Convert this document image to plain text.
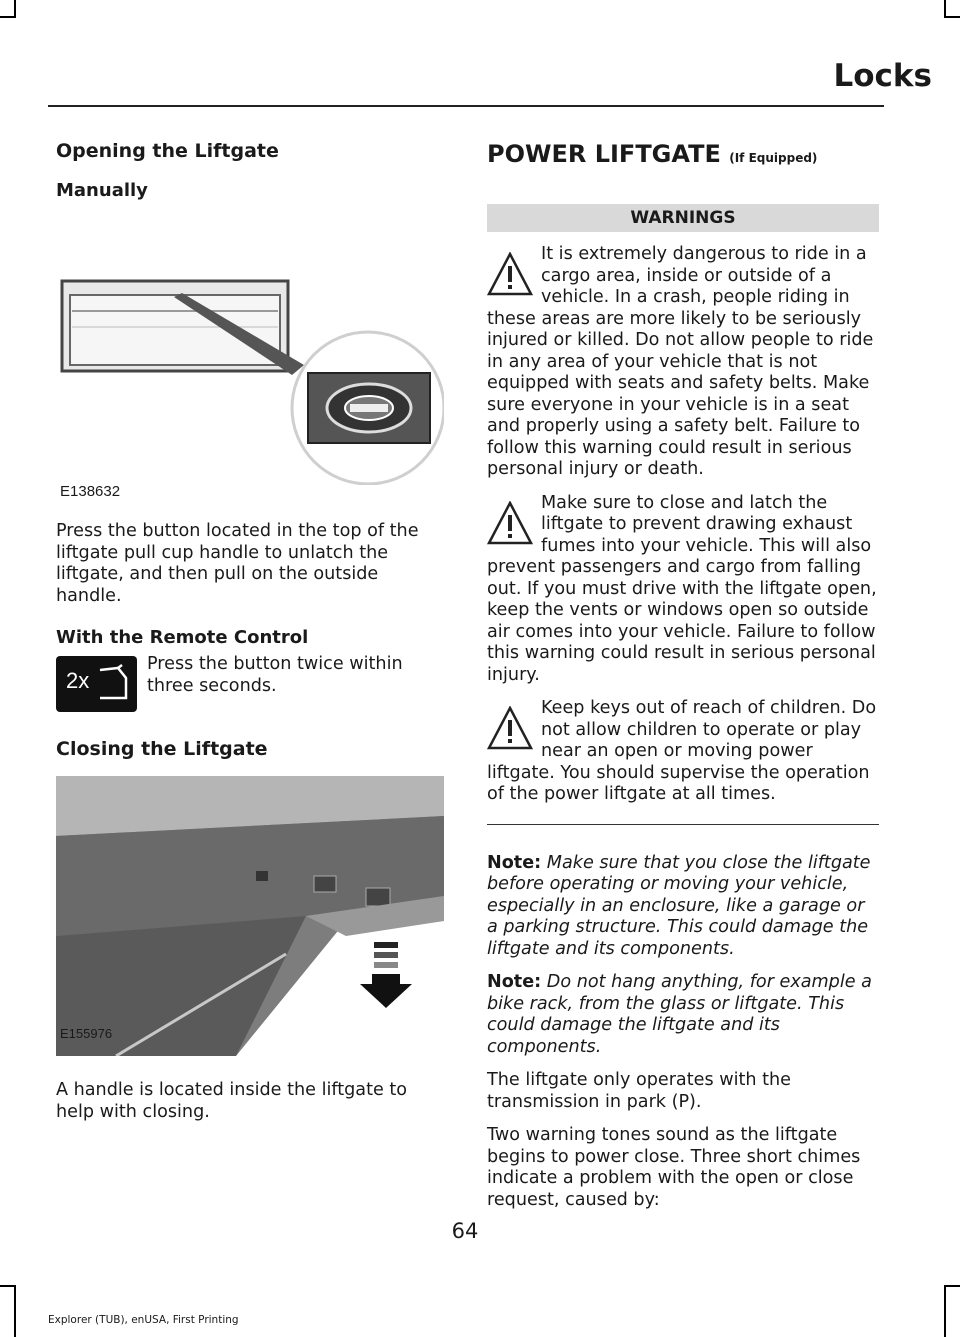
Locks
Opening the Liftgate
Manually
E138632

Press the button located in the top of the liftgate pull cup handle to unlatch the liftgate, and then pull on the outside handle.

With the Remote Control
2x

Press the button twice within three seconds.

Closing the Liftgate
E155976

A handle is located inside the liftgate to help with closing.

POWER LIFTGATE (If Equipped)
WARNINGS

It is extremely dangerous to ride in a cargo area, inside or outside of a vehicle. In a crash, people riding in these areas are more likely to be seriously injured or killed. Do not allow people to ride in any area of your vehicle that is not equipped with seats and safety belts. Make sure everyone in your vehicle is in a seat and properly using a safety belt. Failure to follow this warning could result in serious personal injury or death.

Make sure to close and latch the liftgate to prevent drawing exhaust fumes into your vehicle. This will also prevent passengers and cargo from falling out. If you must drive with the liftgate open, keep the vents or windows open so outside air comes into your vehicle. Failure to follow this warning could result in serious personal injury.

Keep keys out of reach of children. Do not allow children to operate or play near an open or moving power liftgate. You should supervise the operation of the power liftgate at all times.

Note: Make sure that you close the liftgate before operating or moving your vehicle, especially in an enclosure, like a garage or a parking structure. This could damage the liftgate and its components.

Note: Do not hang anything, for example a bike rack, from the glass or liftgate. This could damage the liftgate and its components.

The liftgate only operates with the transmission in park (P).

Two warning tones sound as the liftgate begins to power close. Three short chimes indicate a problem with the open or close request, caused by:

64
Explorer (TUB), enUSA, First Printing
